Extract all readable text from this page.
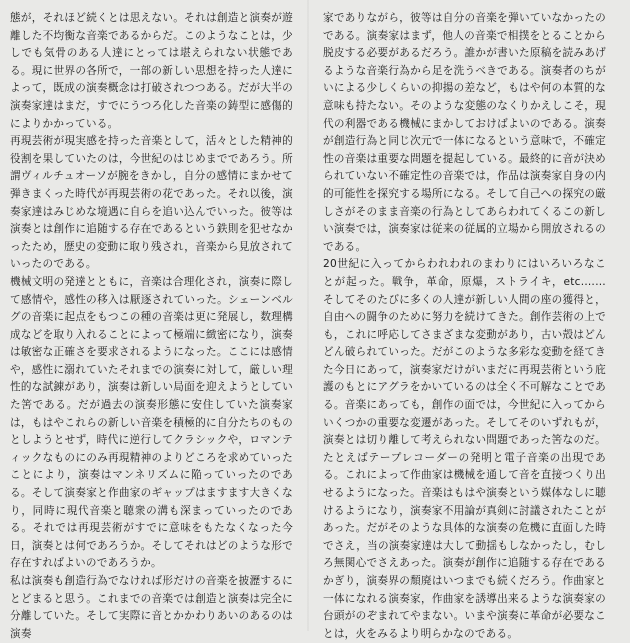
態が，それほど続くとは思えない。それは創造と演奏が遊離した不均衡な音楽であるからだ。このようなことは，少しでも気骨のある人達にとっては堪えられない状態である。現に世界の各所で，一部の新しい思想を持った人達によって，既成の演奏概念は打破されつつある。だが大半の演奏家達はまだ，すでにうつろ化した音楽の鋳型に感傷的によりかかっている。

再現芸術が現実感を持った音楽として，活々とした精神的役割を果していたのは，今世紀のはじめまでであろう。所謂ヴィルチュオーソが腕をきかし，自分の感情にまかせて弾きまくった時代が再現芸術の花であった。それ以後，演奏家達はみじめな境遇に自らを追い込んでいった。彼等は演奏とは創作に追随する存在であるという鉄則を犯せなかったため，歴史の変動に取り残され，音楽から見放されていったのである。

機械文明の発達とともに，音楽は合理化され，演奏に際して感情や，感性の移入は厭逐されていった。シェーンベルグの音楽に起点をもつこの種の音楽は更に発展し，数理構成などを取り入れることによって極端に緻密になり，演奏は敏密な正確さを要求されるようになった。ここには感情や，感性に溺れていたそれまでの演奏に対して，厳しい理性的な試錬があり，演奏は新しい局面を迎えようとしていた筈である。だが過去の演奏形態に安住していた演奏家は，もはやこれらの新しい音楽を積極的に自分たちのものとしようとせず，時代に逆行してクラシックや，ロマンティックなものにのみ再現精神のよりどころを求めていったことにより，演奏はマンネリズムに陥っていったのである。そして演奏家と作曲家のギャップはますます大きくなり，同時に現代音楽と聴衆の溝も深まっていったのである。それでは再現芸術がすでに意味をもたなくなった今日，演奏とは何であろうか。そしてそれはどのような形で存在すればよいのであろうか。

私は演奏も創造行為でなければ形だけの音楽を披瀝するにとどまると思う。これまでの音楽では創造と演奏は完全に分離していた。そして実際に音とかかわりあいのあるのは演奏

家でありながら，彼等は自分の音楽を弾いていなかったのである。演奏家はまず，他人の音楽で相撲をとることから脱皮する必要があるだろう。誰かが書いた原稿を読みあげるような音楽行為から足を洗うべきである。演奏者のちがいによる少しくらいの抑揚の差など，もはや何の本質的な意味も持たない。そのような変態のなくりかえしこそ，現代の利器である機械にまかしておけばよいのである。演奏が創造行為と同じ次元で一体になるという意味で，不確定性の音楽は重要な問題を提起している。最終的に音が決められていない不確定性の音楽では，作品は演奏家自身の内的可能性を探究する場所になる。そして自己への探究の厳しさがそのまま音楽の行為としてあらわれてくるこの新しい演奏では，演奏家は従来の従属的立場から開放されるのである。

20世紀に入ってからわれわれのまわりにはいろいろなことが起った。戦争，革命，原爆，ストライキ，etc.……　そしてそのたびに多くの人達が新しい人間の座の獲得と，自由への闘争のために努力を続けてきた。創作芸術の上でも，これに呼応してさまざまな変動があり，古い殻はどんどん破られていった。だがこのような多彩な変動を経てきた今日にあって，演奏家だけがいまだに再現芸術という庇護のもとにアグラをかいているのは全く不可解なことである。音楽にあっても，創作の面では，今世紀に入ってからいくつかの重要な変遷があった。そしてそのいずれもが，演奏とは切り離して考えられない問題であった筈なのだ。たとえばテープレコーダーの発明と電子音楽の出現である。これによって作曲家は機械を通して音を直接つくり出せるようになった。音楽はもはや演奏という媒体なしに聴けるようになり，演奏家不用論が真剣に討議されたことがあった。だがそのような具体的な演奏の危機に直面した時でさえ，当の演奏家達は大して動揺もしなかったし，むしろ無関心でさえあった。演奏が創作に追随する存在であるかぎり，演奏界の頽廃はいつまでも続くだろう。作曲家と一体になれる演奏家，作曲家を誘導出来るような演奏家の台頭がのぞまれてやまない。いまや演奏に革命が必要なことは，火をみるより明らかなのである。
